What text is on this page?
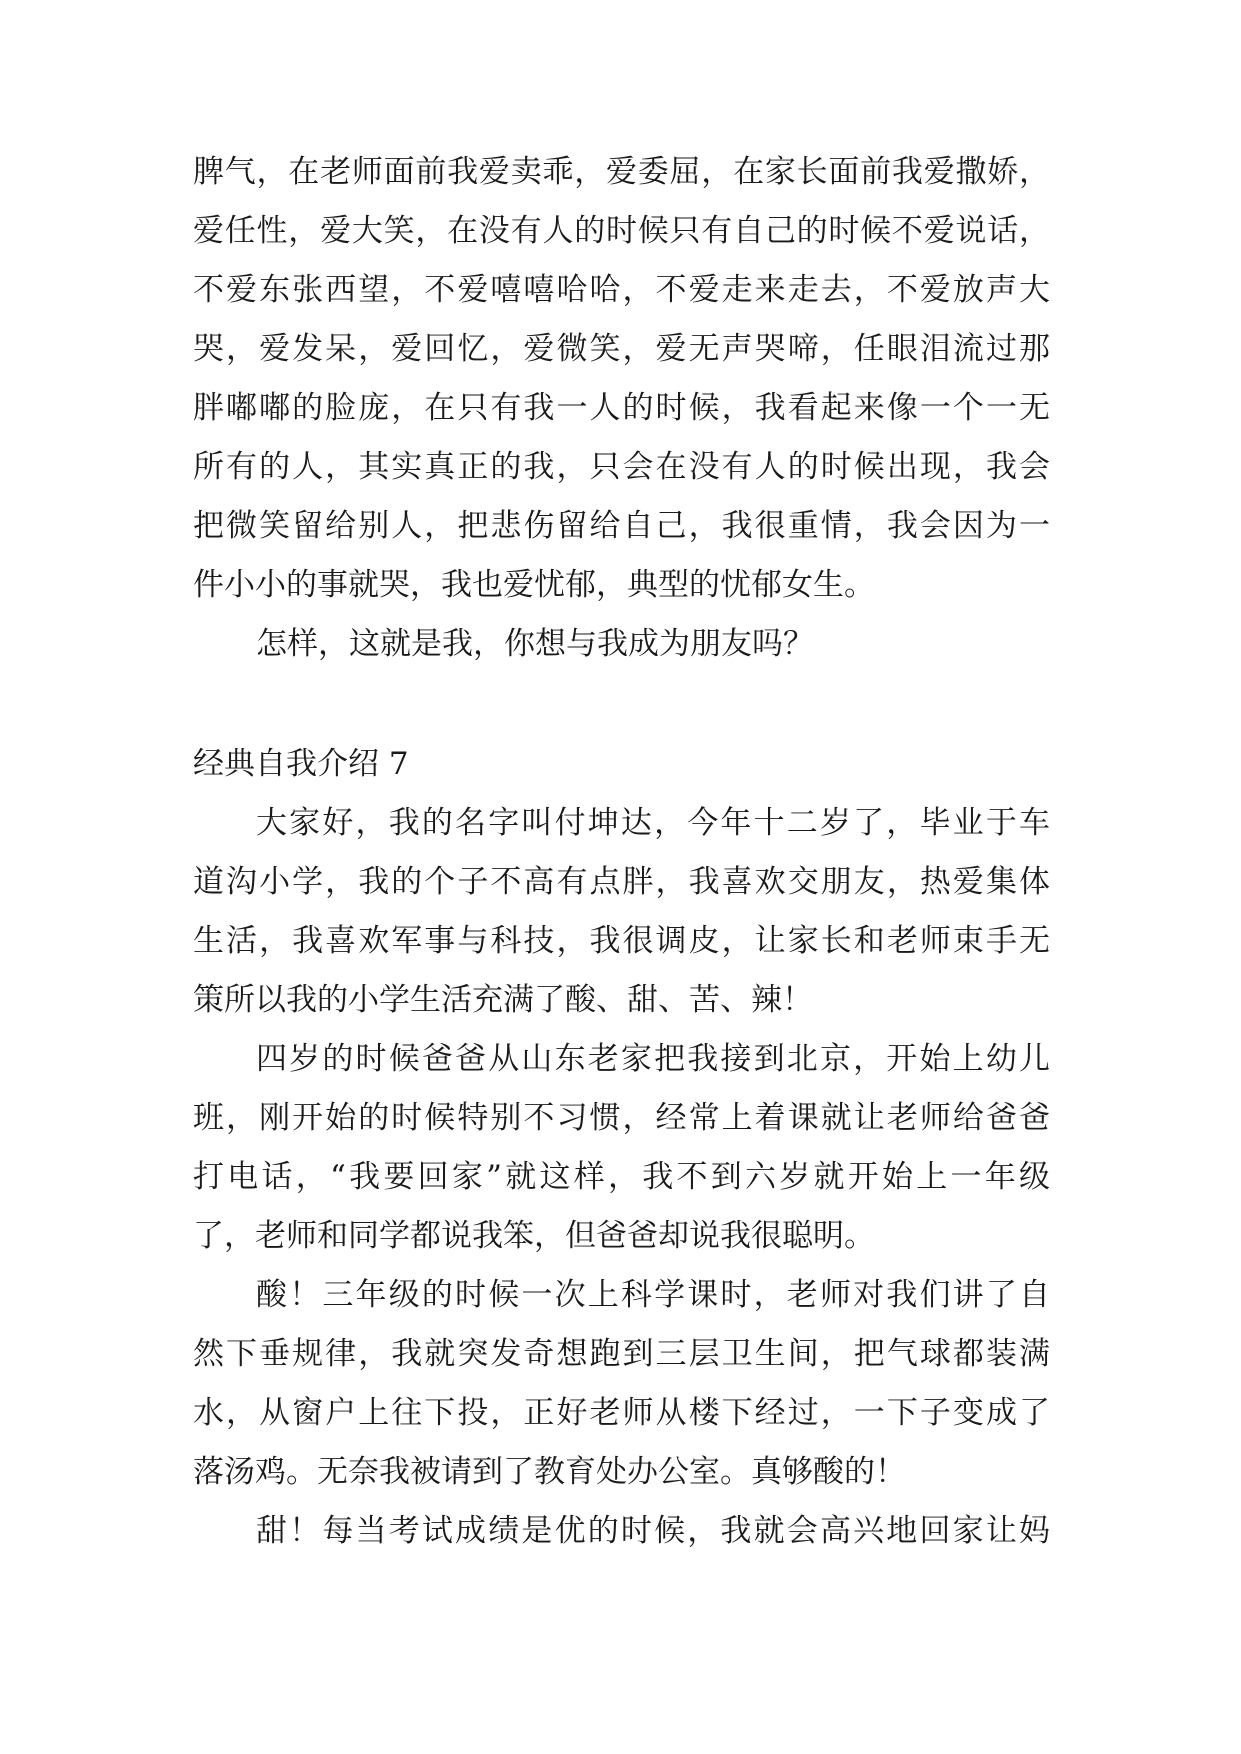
脾气，在老师面前我爱卖乖，爱委屈，在家长面前我爱撒娇，

爱任性，爱大笑，在没有人的时候只有自己的时候不爱说话，

不爱东张西望，不爱嘻嘻哈哈，不爱走来走去，不爱放声大

哭，爱发呆，爱回忆，爱微笑，爱无声哭啼，任眼泪流过那

胖嘟嘟的脸庞，在只有我一人的时候，我看起来像一个一无

所有的人，其实真正的我，只会在没有人的时候出现，我会

把微笑留给别人，把悲伤留给自己，我很重情，我会因为一

件小小的事就哭，我也爱忧郁，典型的忧郁女生。

怎样，这就是我，你想与我成为朋友吗？

经典自我介绍 7

大家好，我的名字叫付坤达，今年十二岁了，毕业于车

道沟小学，我的个子不高有点胖，我喜欢交朋友，热爱集体

生活，我喜欢军事与科技，我很调皮，让家长和老师束手无

策所以我的小学生活充满了酸、甜、苦、辣！

四岁的时候爸爸从山东老家把我接到北京，开始上幼儿

班，刚开始的时候特别不习惯，经常上着课就让老师给爸爸

打电话，“我要回家”就这样，我不到六岁就开始上一年级

了，老师和同学都说我笨，但爸爸却说我很聪明。

酸！三年级的时候一次上科学课时，老师对我们讲了自

然下垂规律，我就突发奇想跑到三层卫生间，把气球都装满

水，从窗户上往下投，正好老师从楼下经过，一下子变成了

落汤鸡。无奈我被请到了教育处办公室。真够酸的！

甜！每当考试成绩是优的时候，我就会高兴地回家让妈
